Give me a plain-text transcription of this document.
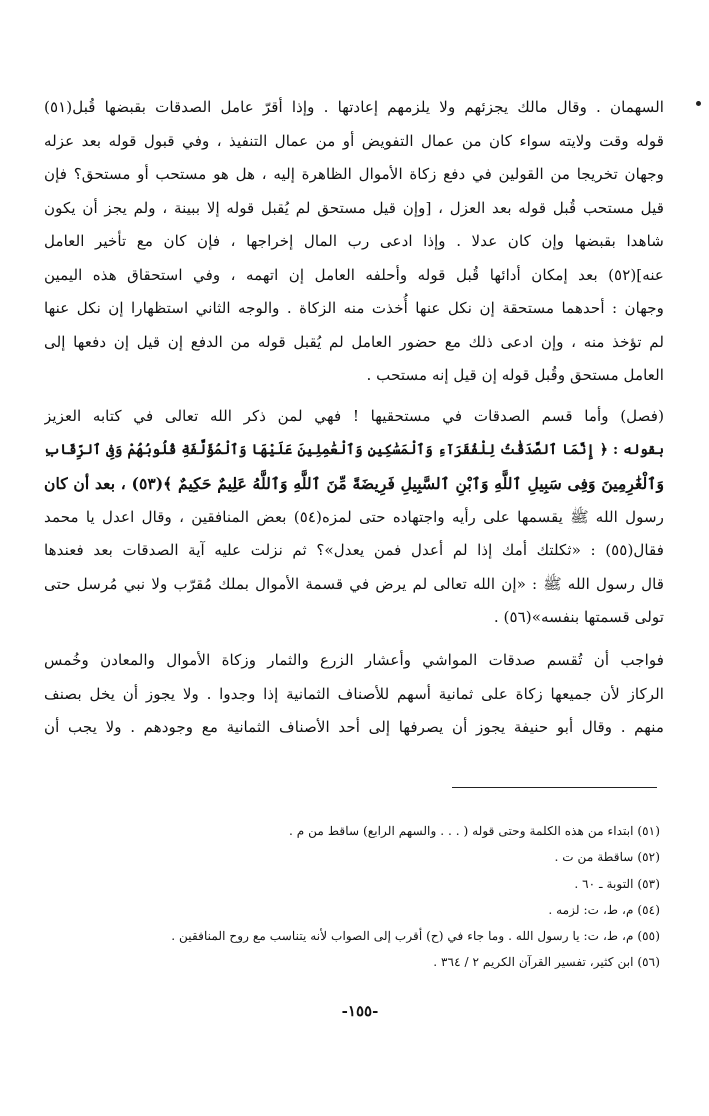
السهمان . وقال مالك يجزئهم ولا يلزمهم إعادتها . وإذا أقرّ عامل الصدقات بقبضها قُبل(٥١)
قوله وقت ولايته سواء كان من عمال التفويض أو من عمال التنفيذ ، وفي قبول قوله بعد عزله
وجهان تخريجا من القولين في دفع زكاة الأموال الظاهرة إليه ، هل هو مستحب أو مستحق؟ فإن
قيل مستحب قُبل قوله بعد العزل ، [وإن قيل مستحق لم يُقبل قوله إلا ببينة ، ولم يجز أن يكون
شاهدا بقبضها وإن كان عدلا . وإذا ادعى رب المال إخراجها ، فإن كان مع تأخير العامل
عنه](٥٢) بعد إمكان أدائها قُبل قوله وأحلفه العامل إن اتهمه ، وفي استحقاق هذه اليمين
وجهان : أحدهما مستحقة إن نكل عنها أُخذت منه الزكاة . والوجه الثاني استظهارا إن نكل عنها
لم تؤخذ منه ، وإن ادعى ذلك مع حضور العامل لم يُقبل قوله من الدفع إن قيل إن دفعها إلى
العامل مستحق وقُبل قوله إن قيل إنه مستحب .
(فصل) وأما قسم الصدقات في مستحقيها ! فهي لمن ذكر الله تعالى في كتابه العزيز
بقوله : ﴿ إِنَّمَا ٱلصَّدَقَٰتُ لِلْفُقَرَآءِ وَٱلْمَسَٰكِينِ وَٱلْعَٰمِلِينَ عَلَيْهَا وَٱلْمُؤَلَّفَةِ قُلُوبُهُمْ وَفِى ٱلرِّقَابِ
وَٱلْغَٰرِمِينَ وَفِى سَبِيلِ ٱللَّهِ وَٱبْنِ ٱلسَّبِيلِ فَرِيضَةً مِّنَ ٱللَّهِ وَٱللَّهُ عَلِيمٌ حَكِيمٌ ﴾(٥٣) ، بعد أن كان
رسول الله ﷺ يقسمها على رأيه واجتهاده حتى لمزه(٥٤) بعض المنافقين ، وقال اعدل يا محمد
فقال(٥٥) : «ثكلتك أمك إذا لم أعدل فمن يعدل»؟ ثم نزلت عليه آية الصدقات بعد فعندها
قال رسول الله ﷺ : «إن الله تعالى لم يرض في قسمة الأموال بملك مُقرّب ولا نبي مُرسل حتى
تولى قسمتها بنفسه»(٥٦) .
فواجب أن تُقسم صدقات المواشي وأعشار الزرع والثمار وزكاة الأموال والمعادن وخُمس
الركاز لأن جميعها زكاة على ثمانية أسهم للأصناف الثمانية إذا وجدوا . ولا يجوز أن يخل بصنف
منهم . وقال أبو حنيفة يجوز أن يصرفها إلى أحد الأصناف الثمانية مع وجودهم . ولا يجب أن
(٥١) ابتداء من هذه الكلمة وحتى قوله ( . . . والسهم الرابع) ساقط من م .
(٥٢) ساقطة من ت .
(٥٣) التوبة ـ ٦٠ .
(٥٤) م، ط، ت: لزمه .
(٥٥) م، ط، ت: يا رسول الله . وما جاء في (ح) أقرب إلى الصواب لأنه يتناسب مع روح المنافقين .
(٥٦) ابن كثير، تفسير القرآن الكريم ٢ / ٣٦٤ .
-١٥٥-
